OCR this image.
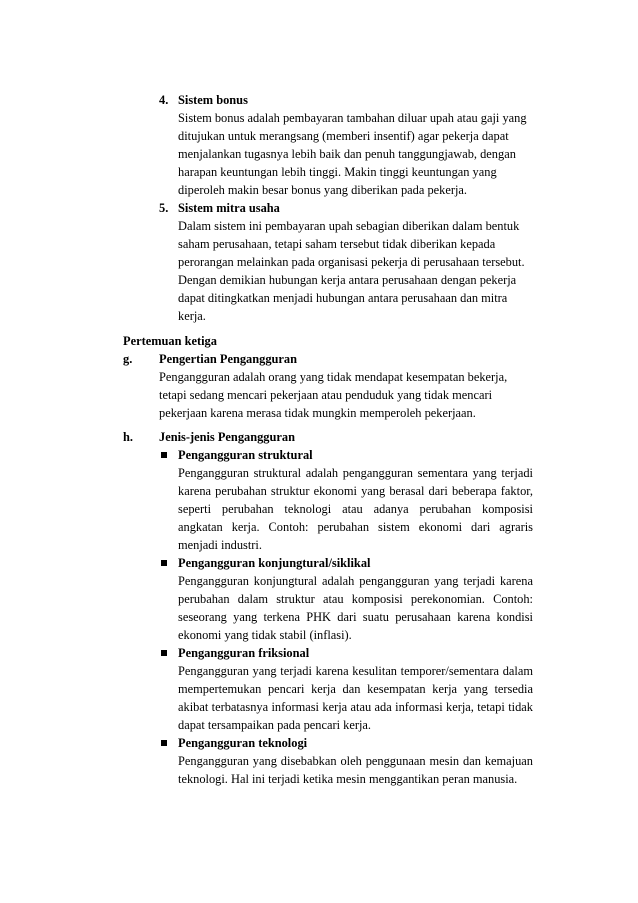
4. Sistem bonus
Sistem bonus adalah pembayaran tambahan diluar upah atau gaji yang
ditujukan untuk merangsang (memberi insentif) agar pekerja dapat
menjalankan tugasnya lebih baik dan penuh tanggungjawab, dengan
harapan keuntungan lebih tinggi. Makin tinggi keuntungan yang
diperoleh makin besar bonus yang diberikan pada pekerja.
5. Sistem mitra usaha
Dalam sistem ini pembayaran upah sebagian diberikan dalam bentuk
saham perusahaan, tetapi saham tersebut tidak diberikan kepada
perorangan melainkan pada organisasi pekerja di perusahaan tersebut.
Dengan demikian hubungan kerja antara perusahaan dengan pekerja
dapat ditingkatkan menjadi hubungan antara perusahaan dan mitra
kerja.
Pertemuan ketiga
g. Pengertian Pengangguran
Pengangguran adalah orang yang tidak mendapat kesempatan bekerja,
tetapi sedang mencari pekerjaan atau penduduk yang tidak mencari
pekerjaan karena merasa tidak mungkin memperoleh pekerjaan.
h. Jenis-jenis Pengangguran
Pengangguran struktural
Pengangguran struktural adalah pengangguran sementara yang terjadi
karena perubahan struktur ekonomi yang berasal dari beberapa faktor,
seperti perubahan teknologi atau adanya perubahan komposisi
angkatan kerja. Contoh: perubahan sistem ekonomi dari agraris
menjadi industri.
Pengangguran konjungtural/siklikal
Pengangguran konjungtural adalah pengangguran yang terjadi karena
perubahan dalam struktur atau komposisi perekonomian. Contoh:
seseorang yang terkena PHK dari suatu perusahaan karena kondisi
ekonomi yang tidak stabil (inflasi).
Pengangguran friksional
Pengangguran yang terjadi karena kesulitan temporer/sementara dalam
mempertemukan pencari kerja dan kesempatan kerja yang tersedia
akibat terbatasnya informasi kerja atau ada informasi kerja, tetapi tidak
dapat tersampaikan pada pencari kerja.
Pengangguran teknologi
Pengangguran yang disebabkan oleh penggunaan mesin dan kemajuan
teknologi. Hal ini terjadi ketika mesin menggantikan peran manusia.
